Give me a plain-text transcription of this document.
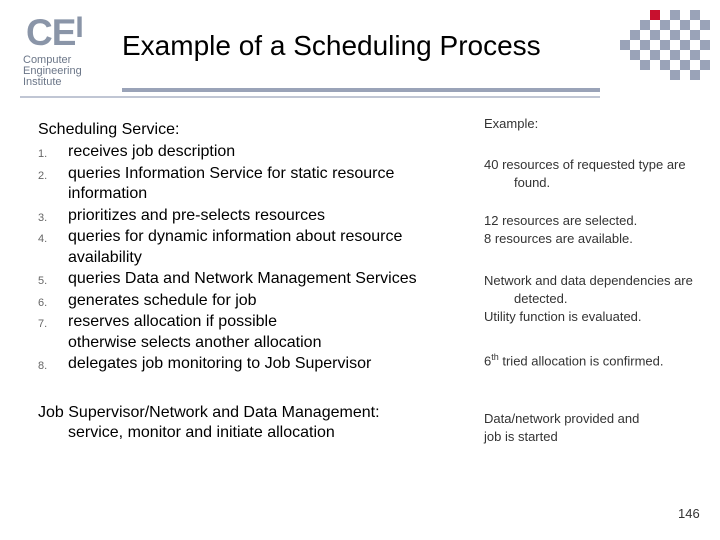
CEI
Computer
Engineering
Institute
Example of a Scheduling Process
Scheduling Service:
1. receives job description
2. queries Information Service for static resource
information
3. prioritizes and pre-selects resources
4. queries for dynamic information about resource
availability
5. queries Data and Network Management Services
6. generates schedule for job
7. reserves allocation if possible
otherwise selects another allocation
8. delegates job monitoring to Job Supervisor
Job Supervisor/Network and Data Management:
service, monitor and initiate allocation
Example:
40 resources of requested type are
found.
12 resources are selected.
8 resources are available.
Network and data dependencies are
detected.
Utility function is evaluated.
6th tried allocation is confirmed.
Data/network provided and
job is started
146
